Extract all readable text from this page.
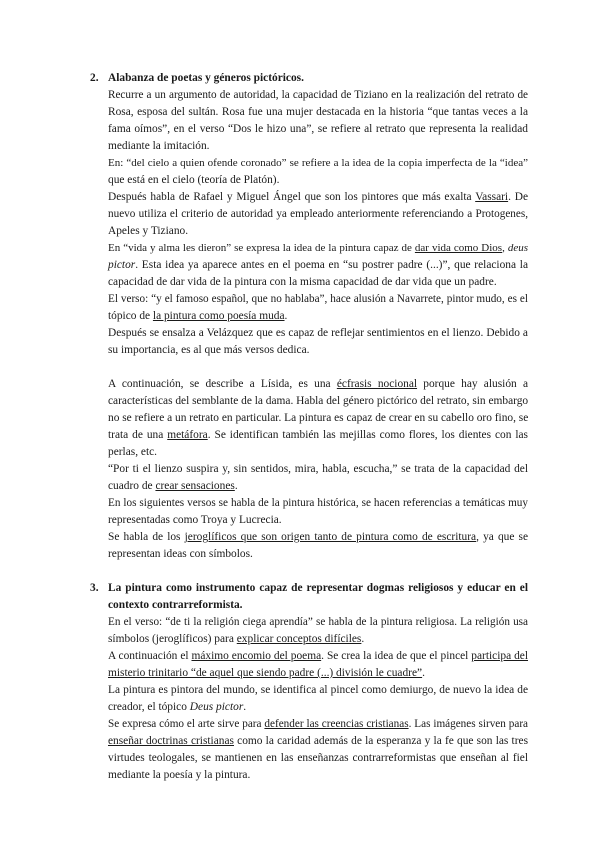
2. Alabanza de poetas y géneros pictóricos.
Recurre a un argumento de autoridad, la capacidad de Tiziano en la realización del retrato de
Rosa, esposa del sultán. Rosa fue una mujer destacada en la historia “que tantas veces a la
fama oímos”, en el verso “Dos le hizo una”, se refiere al retrato que representa la realidad
mediante la imitación.
En: “del cielo a quien ofende coronado” se refiere a la idea de la copia imperfecta de la “idea”
que está en el cielo (teoría de Platón).
Después habla de Rafael y Miguel Ángel que son los pintores que más exalta Vassari. De
nuevo utiliza el criterio de autoridad ya empleado anteriormente referenciando a Protogenes,
Apeles y Tiziano.
En “vida y alma les dieron” se expresa la idea de la pintura capaz de dar vida como Dios, deus
pictor. Esta idea ya aparece antes en el poema en “su postrer padre (...)”, que relaciona la
capacidad de dar vida de la pintura con la misma capacidad de dar vida que un padre.
El verso: “y el famoso español, que no hablaba”, hace alusión a Navarrete, pintor mudo, es el
tópico de la pintura como poesía muda.
Después se ensalza a Velázquez que es capaz de reflejar sentimientos en el lienzo. Debido a
su importancia, es al que más versos dedica.
A continuación, se describe a Lísida, es una écfrasis nocional porque hay alusión a
características del semblante de la dama. Habla del género pictórico del retrato, sin embargo
no se refiere a un retrato en particular. La pintura es capaz de crear en su cabello oro fino, se
trata de una metáfora. Se identifican también las mejillas como flores, los dientes con las
perlas, etc.
“Por ti el lienzo suspira y, sin sentidos, mira, habla, escucha,” se trata de la capacidad del
cuadro de crear sensaciones.
En los siguientes versos se habla de la pintura histórica, se hacen referencias a temáticas muy
representadas como Troya y Lucrecia.
Se habla de los jeroglíficos que son origen tanto de pintura como de escritura, ya que se
representan ideas con símbolos.
3. La pintura como instrumento capaz de representar dogmas religiosos y educar en el
contexto contrarreformista.
En el verso: “de ti la religión ciega aprendía” se habla de la pintura religiosa. La religión usa
símbolos (jeroglíficos) para explicar conceptos difíciles.
A continuación el máximo encomio del poema. Se crea la idea de que el pincel participa del
misterio trinitario “de aquel que siendo padre (...) división le cuadre”.
La pintura es pintora del mundo, se identifica al pincel como demiurgo, de nuevo la idea de
creador, el tópico Deus pictor.
Se expresa cómo el arte sirve para defender las creencias cristianas. Las imágenes sirven para
enseñar doctrinas cristianas como la caridad además de la esperanza y la fe que son las tres
virtudes teologales, se mantienen en las enseñanzas contrarreformistas que enseñan al fiel
mediante la poesía y la pintura.
